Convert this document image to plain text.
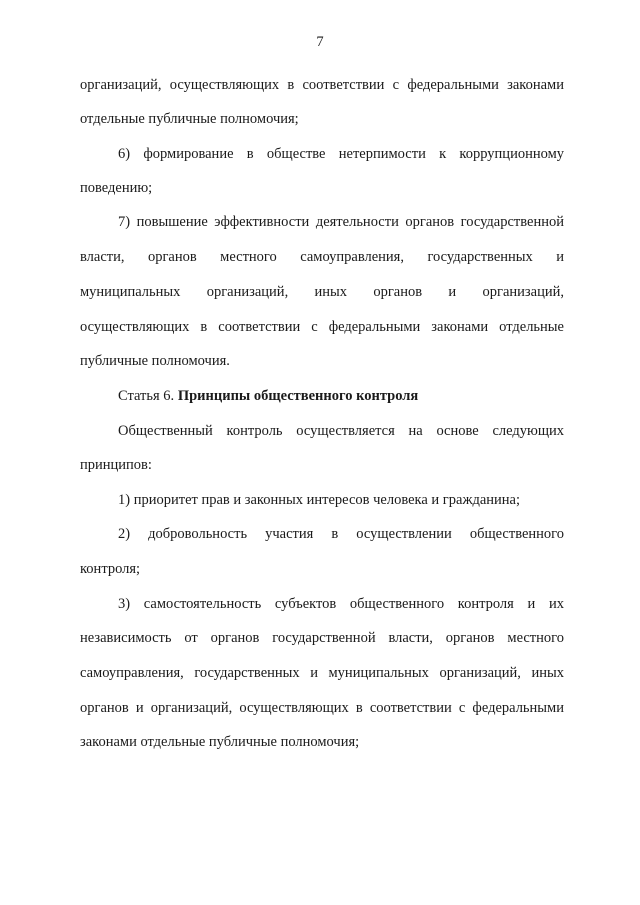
7
организаций, осуществляющих в соответствии с федеральными законами
отдельные публичные полномочия;
6) формирование в обществе нетерпимости к коррупционному
поведению;
7) повышение эффективности деятельности органов государственной
власти, органов местного самоуправления, государственных и
муниципальных организаций, иных органов и организаций,
осуществляющих в соответствии с федеральными законами отдельные
публичные полномочия.
Статья 6. Принципы общественного контроля
Общественный контроль осуществляется на основе следующих
принципов:
1) приоритет прав и законных интересов человека и гражданина;
2) добровольность участия в осуществлении общественного
контроля;
3) самостоятельность субъектов общественного контроля и их
независимость от органов государственной власти, органов местного
самоуправления, государственных и муниципальных организаций, иных
органов и организаций, осуществляющих в соответствии с федеральными
законами отдельные публичные полномочия;
